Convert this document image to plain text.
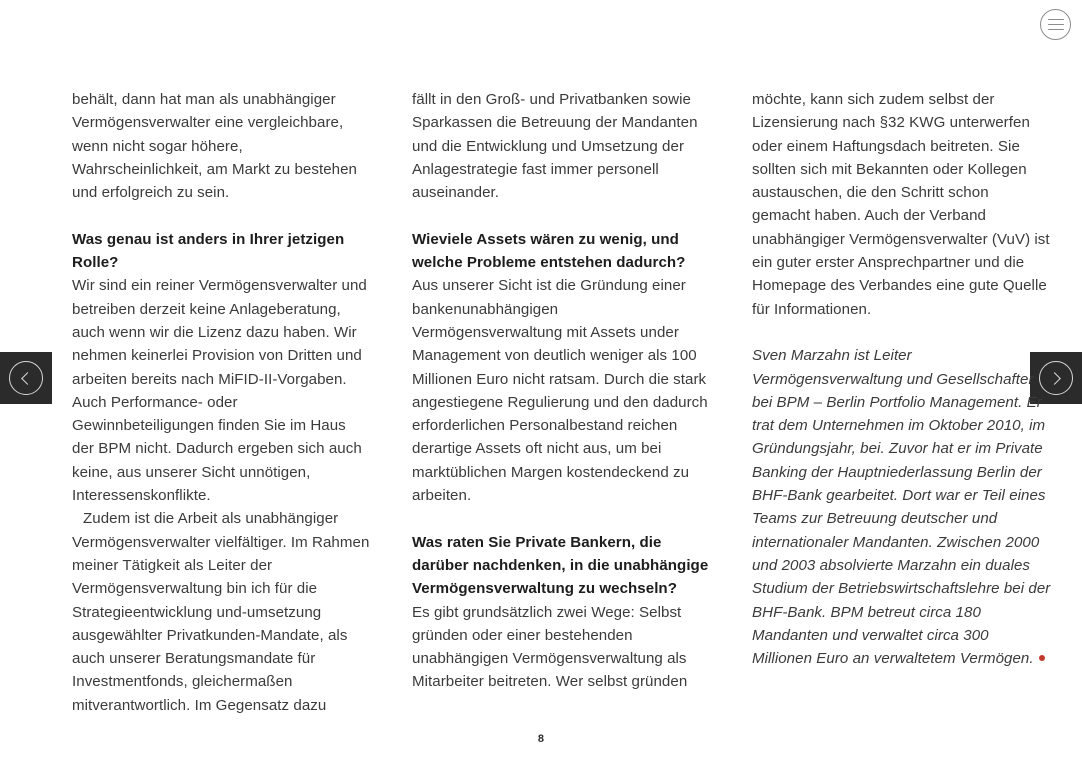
behält, dann hat man als unabhängiger Vermögensverwalter eine vergleichbare, wenn nicht sogar höhere, Wahrscheinlichkeit, am Markt zu bestehen und erfolgreich zu sein.

Was genau ist anders in Ihrer jetzigen Rolle?

Wir sind ein reiner Vermögensverwalter und betreiben derzeit keine Anlageberatung, auch wenn wir die Lizenz dazu haben. Wir nehmen keinerlei Provision von Dritten und arbeiten bereits nach MiFID-II-Vorgaben. Auch Performance- oder Gewinnbeteiligungen finden Sie im Haus der BPM nicht. Dadurch ergeben sich auch keine, aus unserer Sicht unnötigen, Interessenskonflikte.

Zudem ist die Arbeit als unabhängiger Vermögensverwalter vielfältiger. Im Rahmen meiner Tätigkeit als Leiter der Vermögensverwaltung bin ich für die Strategieentwicklung und-umsetzung ausgewählter Privatkunden-Mandate, als auch unserer Beratungsmandate für Investmentfonds, gleichermaßen mitverantwortlich. Im Gegensatz dazu

fällt in den Groß- und Privatbanken sowie Sparkassen die Betreuung der Mandanten und die Entwicklung und Umsetzung der Anlagestrategie fast immer personell auseinander.

Wieviele Assets wären zu wenig, und welche Probleme entstehen dadurch?

Aus unserer Sicht ist die Gründung einer bankenunabhängigen Vermögensverwaltung mit Assets under Management von deutlich weniger als 100 Millionen Euro nicht ratsam. Durch die stark angestiegene Regulierung und den dadurch erforderlichen Personalbestand reichen derartige Assets oft nicht aus, um bei marktüblichen Margen kostendeckend zu arbeiten.

Was raten Sie Private Bankern, die darüber nachdenken, in die unabhängige Vermögensverwaltung zu wechseln?

Es gibt grundsätzlich zwei Wege: Selbst gründen oder einer bestehenden unabhängigen Vermögensverwaltung als Mitarbeiter beitreten. Wer selbst gründen

möchte, kann sich zudem selbst der Lizensierung nach §32 KWG unterwerfen oder einem Haftungsdach beitreten. Sie sollten sich mit Bekannten oder Kollegen austauschen, die den Schritt schon gemacht haben. Auch der Verband unabhängiger Vermögensverwalter (VuV) ist ein guter erster Ansprechpartner und die Homepage des Verbandes eine gute Quelle für Informationen.

Sven Marzahn ist Leiter Vermögensverwaltung und Gesellschafter bei BPM – Berlin Portfolio Management. Er trat dem Unternehmen im Oktober 2010, im Gründungsjahr, bei. Zuvor hat er im Private Banking der Hauptniederlassung Berlin der BHF-Bank gearbeitet. Dort war er Teil eines Teams zur Betreuung deutscher und internationaler Mandanten. Zwischen 2000 und 2003 absolvierte Marzahn ein duales Studium der Betriebswirtschaftslehre bei der BHF-Bank. BPM betreut circa 180 Mandanten und verwaltet circa 300 Millionen Euro an verwaltetem Vermögen.

8
